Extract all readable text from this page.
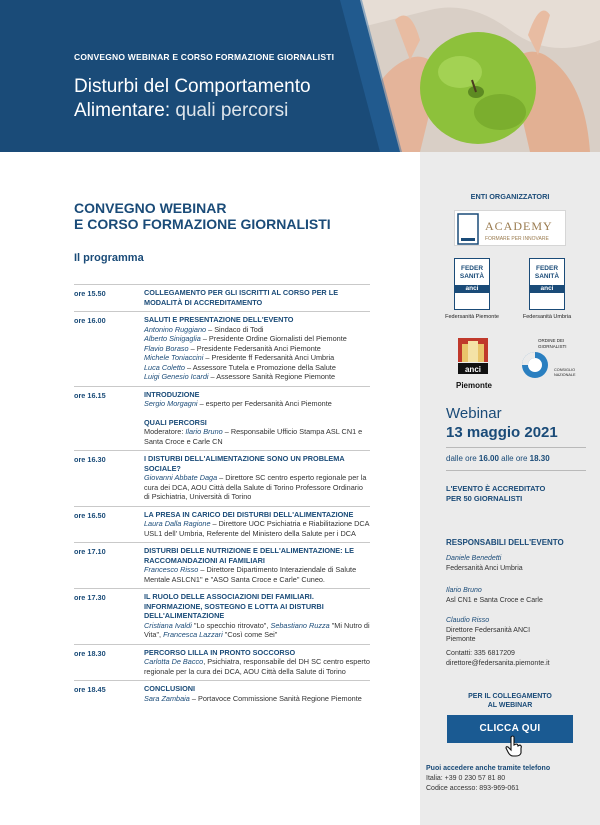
CONVEGNO WEBINAR E CORSO FORMAZIONE GIORNALISTI
Disturbi del Comportamento
Alimentare: quali percorsi
CONVEGNO WEBINAR
E CORSO FORMAZIONE GIORNALISTI
Il programma
ore 15.50	COLLEGAMENTO PER GLI ISCRITTI AL CORSO PER LE MODALITÀ DI ACCREDITAMENTO
ore 16.00	SALUTI E PRESENTAZIONE DELL'EVENTO
Antonino Ruggiano – Sindaco di Todi
Alberto Sinigaglia – Presidente Ordine Giornalisti del Piemonte
Flavio Boraso – Presidente Federsanità Anci Piemonte
Michele Toniaccini – Presidente ff Federsanità Anci Umbria
Luca Coletto – Assessore Tutela e Promozione della Salute
Luigi Genesio Icardi – Assessore Sanità Regione Piemonte
ore 16.15	INTRODUZIONE
Sergio Morgagni – esperto per Federsanità Anci Piemonte
QUALI PERCORSI
Moderatore: Ilario Bruno – Responsabile Ufficio Stampa ASL CN1 e Santa Croce e Carle CN
ore 16.30	I DISTURBI DELL'ALIMENTAZIONE SONO UN PROBLEMA SOCIALE?
Giovanni Abbate Daga – Direttore SC centro esperto regionale per la cura dei DCA, AOU Città della Salute di Torino Professore Ordinario di Psichiatria, Università di Torino
ore 16.50	LA PRESA IN CARICO DEI DISTURBI DELL'ALIMENTAZIONE
Laura Dalla Ragione – Direttore UOC Psichiatria e Riabilitazione DCA USL1 dell' Umbria, Referente del Ministero della Salute per i DCA
ore 17.10	DISTURBI DELLE NUTRIZIONE E DELL'ALIMENTAZIONE: LE RACCOMANDAZIONI AI FAMILIARI
Francesco Risso – Direttore Dipartimento Interaziendale di Salute Mentale ASLCN1" e "ASO Santa Croce e Carle" Cuneo.
ore 17.30	IL RUOLO DELLE ASSOCIAZIONI DEI FAMILIARI. INFORMAZIONE, SOSTEGNO E LOTTA AI DISTURBI DELL'ALIMENTAZIONE
Cristiana Ivaldi "Lo specchio ritrovato", Sebastiano Ruzza "Mi Nutro di Vita", Francesca Lazzari "Così come Sei"
ore 18.30	PERCORSO LILLA IN PRONTO SOCCORSO
Carlotta De Bacco, Psichiatra, responsabile del DH SC centro esperto regionale per la cura dei DCA, AOU Città della Salute di Torino
ore 18.45	CONCLUSIONI
Sara Zambaia – Portavoce Commissione Sanità Regione Piemonte
ENTI ORGANIZZATORI
ACADEMY
FORMARE PER INNOVARE
FEDER SANITÀ
anci
Federsanità Piemonte
FEDER SANITÀ
anci
Federsanità Umbria
anci
Piemonte
ORDINE DEI GIORNALISTI
CONSIGLIO NAZIONALE
Webinar
13 maggio 2021
dalle ore 16.00 alle ore 18.30
L'EVENTO È ACCREDITATO
PER 50 GIORNALISTI
RESPONSABILI DELL'EVENTO
Daniele Benedetti
Federsanità Anci Umbria
Ilario Bruno
Asl CN1 e Santa Croce e Carle
Claudio Risso
Direttore Federsanità ANCI
Piemonte
Contatti: 335 6817209
direttore@federsanita.piemonte.it
PER IL COLLEGAMENTO
AL WEBINAR
CLICCA QUI
Puoi accedere anche tramite telefono
Italia: +39 0 230 57 81 80
Codice accesso: 893-969-061
